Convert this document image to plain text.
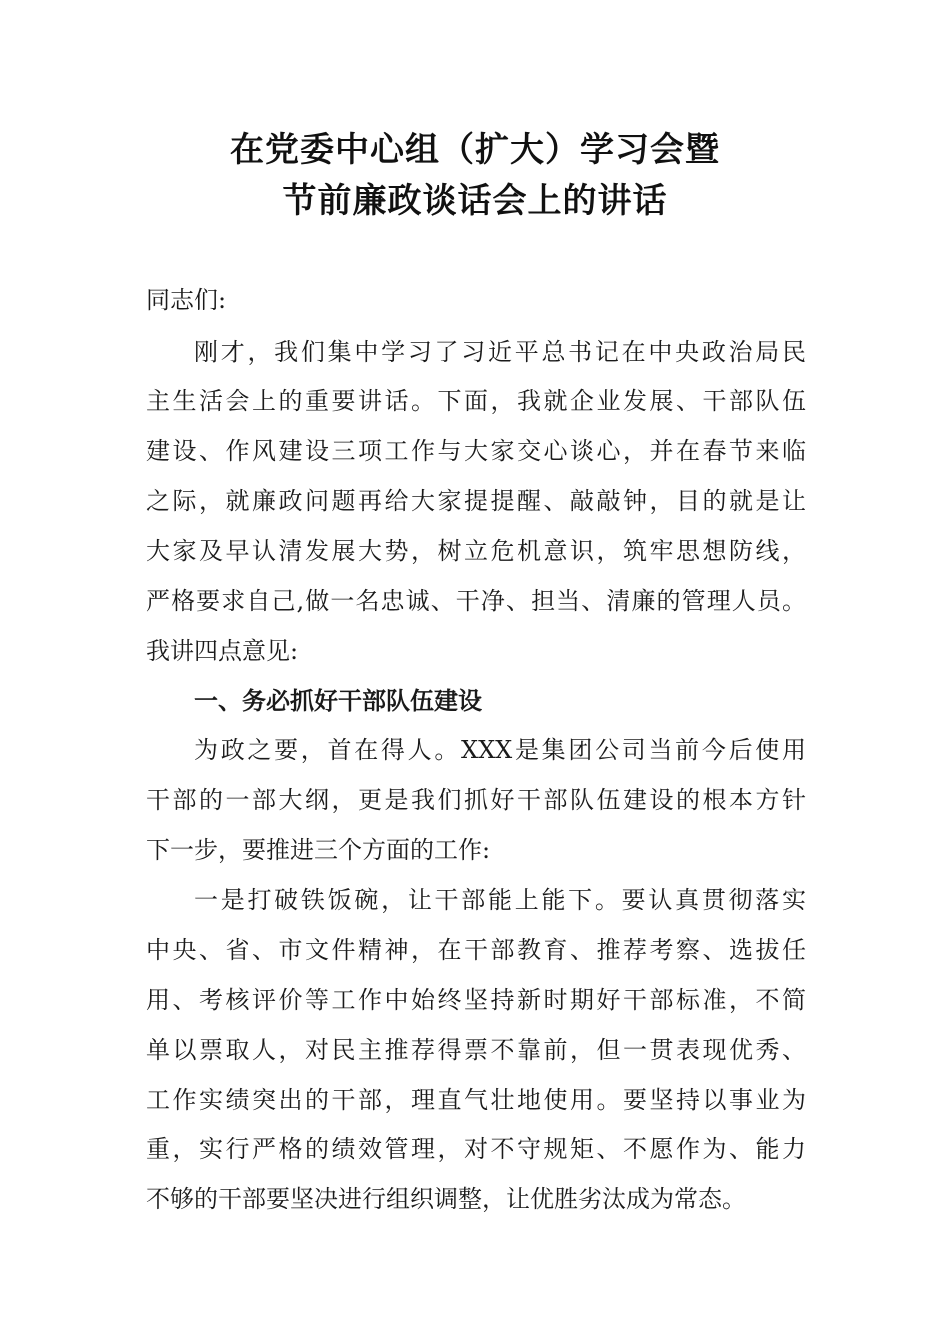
在党委中心组（扩大）学习会暨
节前廉政谈话会上的讲话
同志们:
刚才，我们集中学习了习近平总书记在中央政治局民
主生活会上的重要讲话。下面，我就企业发展、干部队伍
建设、作风建设三项工作与大家交心谈心，并在春节来临
之际，就廉政问题再给大家提提醒、敲敲钟，目的就是让
大家及早认清发展大势，树立危机意识，筑牢思想防线，
严格要求自己,做一名忠诚、干净、担当、清廉的管理人员。
我讲四点意见:
一、务必抓好干部队伍建设
为政之要，首在得人。XXX是集团公司当前今后使用
干部的一部大纲，更是我们抓好干部队伍建设的根本方针
下一步，要推进三个方面的工作:
一是打破铁饭碗，让干部能上能下。要认真贯彻落实
中央、省、市文件精神，在干部教育、推荐考察、选拔任
用、考核评价等工作中始终坚持新时期好干部标准，不简
单以票取人，对民主推荐得票不靠前，但一贯表现优秀、
工作实绩突出的干部，理直气壮地使用。要坚持以事业为
重，实行严格的绩效管理，对不守规矩、不愿作为、能力
不够的干部要坚决进行组织调整，让优胜劣汰成为常态。
